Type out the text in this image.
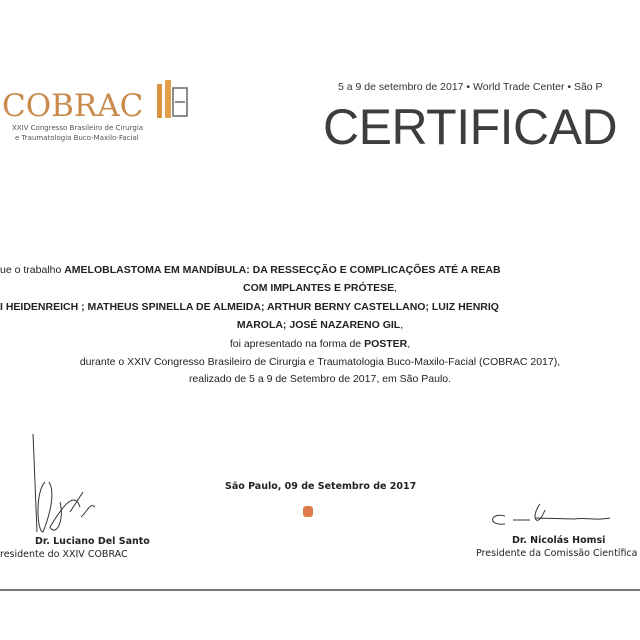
COBRAC
XXIV Congresso Brasileiro de Cirurgia
e Traumatologia Buco-Maxilo-Facial
5 a 9 de setembro de 2017 • World Trade Center • São P
CERTIFICAD
ue o trabalho AMELOBLASTOMA EM MANDÍBULA: DA RESSECÇÃO E COMPLICAÇÕES ATÉ A REAB
COM IMPLANTES E PRÓTESE,
I HEIDENREICH ; MATHEUS SPINELLA DE ALMEIDA; ARTHUR BERNY CASTELLANO; LUIZ HENRIQ
MAROLA; JOSÉ NAZARENO GIL,
foi apresentado na forma de POSTER,
durante o XXIV Congresso Brasileiro de Cirurgia e Traumatologia Buco-Maxilo-Facial (COBRAC 2017),
realizado de 5 a 9 de Setembro de 2017, em São Paulo.
São Paulo, 09 de Setembro de 2017
Dr. Luciano Del Santo
residente do XXIV COBRAC
Dr. Nicolás Homsi
Presidente da Comissão Científica
